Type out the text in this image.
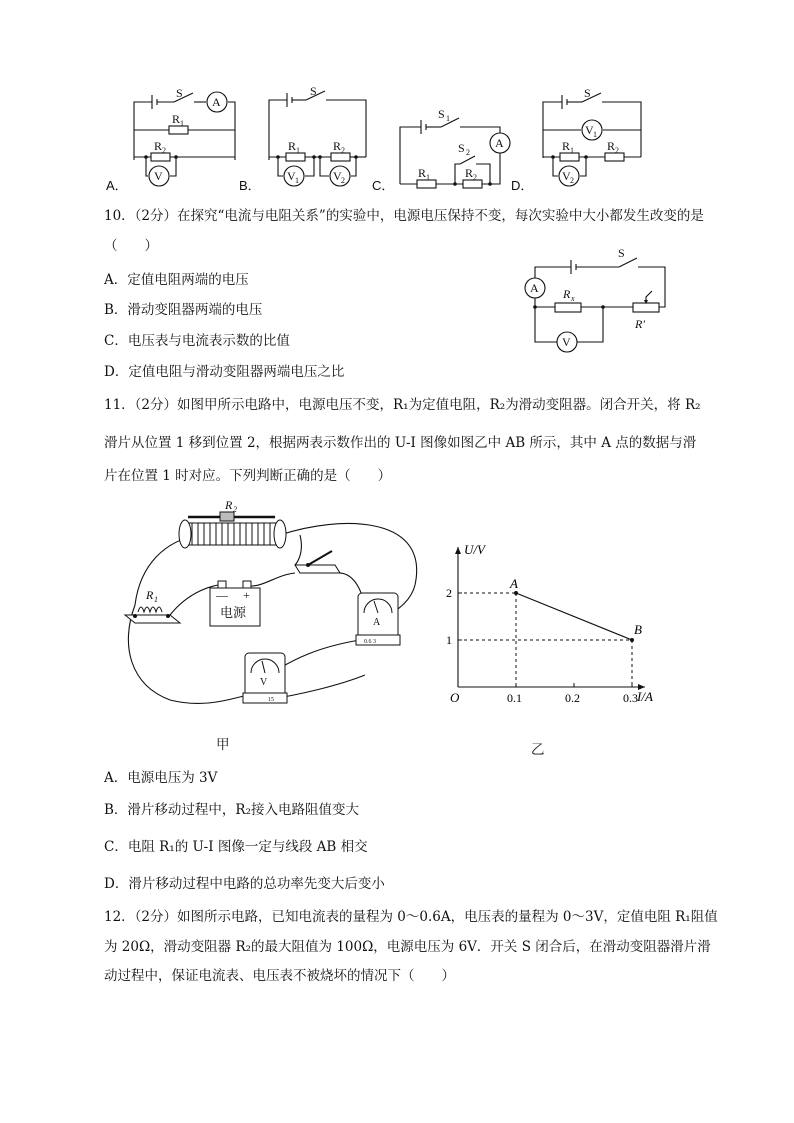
S
A
R 1
R 2
V
S
R 1	R 2
V 1	V 2
S 1
A
S 2
R 1	R 2
S
V 1
R 1	R 2
V 2
A．	B．	C．	D．
10．（2分）在探究“电流与电阻关系”的实验中，电源电压保持不变，每次实验中大小都发生改变的是
（　　）
A．定值电阻两端的电压
B．滑动变阻器两端的电压
C．电压表与电流表示数的比值
D．定值电阻与滑动变阻器两端电压之比
S
A
V
R x
R′
11．（2分）如图甲所示电路中，电源电压不变，R₁为定值电阻，R₂为滑动变阻器。闭合开关，将 R₂
滑片从位置 1 移到位置 2，根据两表示数作出的 U-I 图像如图乙中 AB 所示，其中 A 点的数据与滑
片在位置 1 时对应。下列判断正确的是（　　）
R 2
R 1	— +
电源
A
0.6 3
V
15
甲
O	I/A
U/V
0.1	0.2	0.3
1
2
A
B
乙
A．电源电压为 3V
B．滑片移动过程中，R₂接入电路阻值变大
C．电阻 R₁的 U-I 图像一定与线段 AB 相交
D．滑片移动过程中电路的总功率先变大后变小
12．（2分）如图所示电路，已知电流表的量程为 0～0.6A，电压表的量程为 0～3V，定值电阻 R₁阻值
为 20Ω，滑动变阻器 R₂的最大阻值为 100Ω，电源电压为 6V．开关 S 闭合后，在滑动变阻器滑片滑
动过程中，保证电流表、电压表不被烧坏的情况下（　　）
